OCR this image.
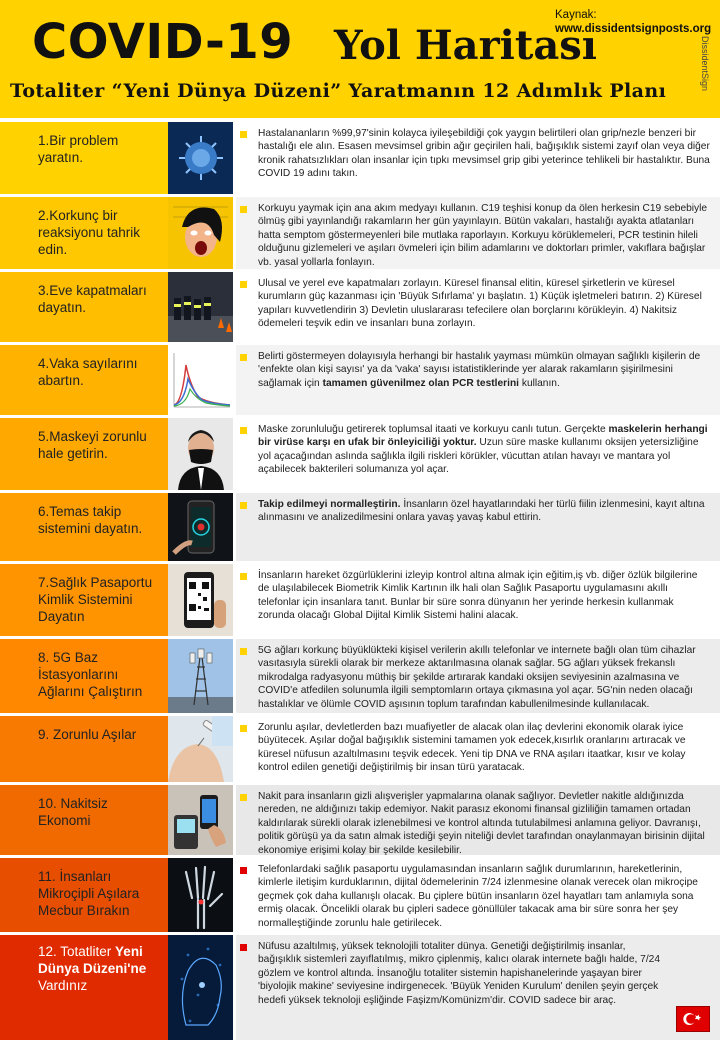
COVID-19 Yol Haritası
Totaliter “Yeni Dünya Düzeni” Yaratmanın 12 Adımlık Planı
Kaynak:
www.dissidentsignposts.org
DissidentSign
1.Bir problem yaratın.
Hastalananların %99,97'sinin kolayca iyileşebildiği çok yaygın belirtileri olan grip/nezle benzeri bir hastalığı ele alın. Esasen mevsimsel gribin ağır geçirilen hali, bağışıklık sistemi zayıf olan veya diğer kronik rahatsızlıkları olan insanlar için tıpkı mevsimsel grip gibi yeterince tehlikeli bir hastalıktır. Buna COVID 19 adını takın.
2.Korkunç bir reaksiyonu tahrik edin.
Korkuyu yaymak için ana akım medyayı kullanın. C19 teşhisi konup da ölen herkesin C19 sebebiyle ölmüş gibi yayınlandığı rakamların her gün yayınlayın. Bütün vakaları, hastalığı ayakta atlatanları hatta semptom göstermeyenleri bile mutlaka raporlayın. Korkuyu körüklemeleri, PCR testinin hileli olduğunu gizlemeleri ve aşıları övmeleri için bilim adamlarını ve doktorları primler, vakıflara bağışlar vb. yasal yollarla fonlayın.
3.Eve kapatmaları dayatın.
Ulusal ve yerel eve kapatmaları zorlayın. Küresel finansal elitin, küresel şirketlerin ve küresel kurumların güç kazanması için 'Büyük Sıfırlama' yı başlatın. 1) Küçük işletmeleri batırın. 2) Küresel yapıları kuvvetlendirin 3) Devletin uluslararası tefecilere olan borçlarını körükleyin. 4) Nakitsiz ödemeleri teşvik edin ve insanları buna zorlayın.
4.Vaka sayılarını abartın.
Belirti göstermeyen dolayısıyla herhangi bir hastalık yayması mümkün olmayan sağlıklı kişilerin de 'enfekte olan kişi sayısı' ya da 'vaka' sayısı istatistiklerinde yer alarak rakamların şişirilmesini sağlamak için tamamen güvenilmez olan PCR testlerini kullanın.
5.Maskeyi zorunlu hale getirin.
Maske zorunluluğu getirerek toplumsal itaati ve korkuyu canlı tutun. Gerçekte maskelerin herhangi bir virüse karşı en ufak bir önleyiciliği yoktur. Uzun süre maske kullanımı oksijen yetersizliğine yol açacağından aslında sağlıkla ilgili riskleri körükler, vücuttan atılan havayı ve mantara yol açabilecek bakterileri solumanıza yol açar.
6.Temas takip sistemini dayatın.
Takip edilmeyi normalleştirin. İnsanların özel hayatlarındaki her türlü fiilin izlenmesini, kayıt altına alınmasını ve analizedilmesini onlara yavaş yavaş kabul ettirin.
7.Sağlık Pasaportu Kimlik Sistemini Dayatın
İnsanların hareket özgürlüklerini izleyip kontrol altına almak için eğitim,iş vb. diğer özlük bilgilerine de ulaşılabilecek Biometrik Kimlik Kartının ilk hali olan Sağlık Pasaportu uygulamasını akıllı telefonlar için insanlara tanıt. Bunlar bir süre sonra dünyanın her yerinde herkesin kullanmak zorunda olacağı Global Dijital Kimlik Sistemi halini alacak.
8. 5G Baz İstasyonlarını Ağlarını Çalıştırın
5G ağları korkunç büyüklükteki kişisel verilerin akıllı telefonlar ve internete bağlı olan tüm cihazlar vasıtasıyla sürekli olarak bir merkeze aktarılmasına olanak sağlar. 5G ağları yüksek frekanslı mikrodalga radyasyonu müthiş bir şekilde artırarak kandaki oksijen seviyesinin azalmasına ve COVID'e atfedilen solunumla ilgili semptomların ortaya çıkmasına yol açar. 5G'nin neden olacağı hastalıklar ve ölümle COVID aşısının toplum tarafından kabullenilmesinde kullanılacak.
9. Zorunlu Aşılar	Zorunlu aşılar, devletlerden bazı muafiyetler de alacak olan ilaç devlerini ekonomik olarak iyice büyütecek. Aşılar doğal bağışıklık sistemini tamamen yok edecek,kısırlık oranlarını artıracak ve küresel nüfusun azaltılmasını teşvik edecek. Yeni tip DNA ve RNA aşıları itaatkar, kısır ve kolay kontrol edilen genetiği değiştirilmiş bir insan türü yaratacak.
10. Nakitsiz Ekonomi
Nakit para insanların gizli alışverişler yapmalarına olanak sağlıyor. Devletler nakitle aldığınızda nereden, ne aldığınızı takip edemiyor. Nakit parasız ekonomi finansal gizliliğin tamamen ortadan kaldırılarak sürekli olarak izlenebilmesi ve kontrol altında tutulabilmesi anlamına geliyor. Davranışı, politik görüşü ya da satın almak istediği şeyin niteliği devlet tarafından onaylanmayan birisinin dijital ekonomiye erişimi kolay bir şekilde kesilebilir.
11. İnsanları Mikroçipli Aşılara Mecbur Bırakın
Telefonlardaki sağlık pasaportu uygulamasından insanların sağlık durumlarının, hareketlerinin, kimlerle iletişim kurduklarının, dijital ödemelerinin 7/24 izlenmesine olanak verecek olan mikroçipe geçmek çok daha kullanışlı olacak. Bu çiplere bütün insanların özel hayatları tam anlamıyla sona ermiş olacak. Öncelikli olarak bu çipleri sadece gönüllüler takacak ama bir süre sonra her şey normalleştiğinde zorunlu hale getirilecek.
12. Totatliter Yeni Dünya Düzeni'ne Vardınız
Nüfusu azaltılmış, yüksek teknolojili totaliter dünya. Genetiği değiştirilmiş insanlar, bağışıklık sistemleri zayıflatılmış, mikro çiplenmiş, kalıcı olarak internete bağlı halde, 7/24 gözlem ve kontrol altında. İnsanoğlu totaliter sistemin hapishanelerinde yaşayan birer 'biyolojik makine' seviyesine indirgenecek. 'Büyük Yeniden Kurulum' denilen şeyin gerçek hedefi yüksek teknoloji eşliğinde Faşizm/Komünizm'dir. COVID sadece bir araç.
